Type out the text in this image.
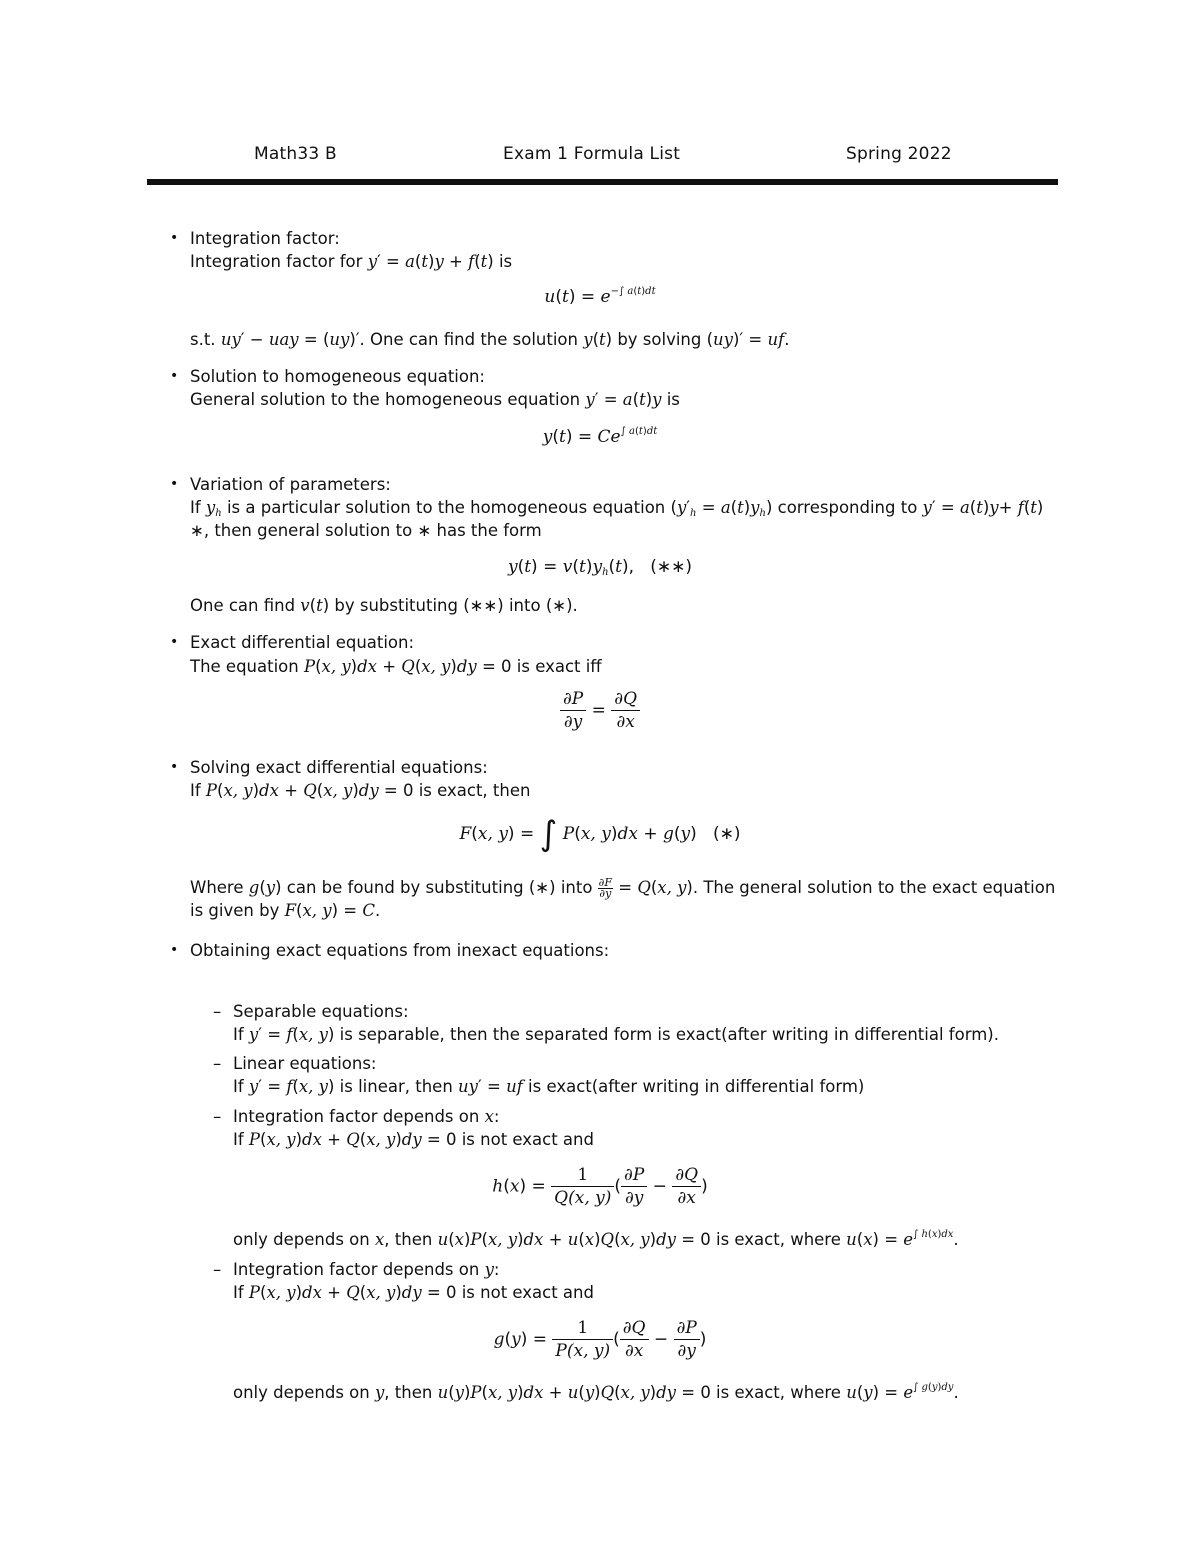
Math33 B	Exam 1 Formula List	Spring 2022
• Integration factor:
Integration factor for y′ = a(t)y + f(t) is
$u(t) = e^{-\int a(t)dt}$
s.t. uy′ − uay = (uy)′. One can find the solution y(t) by solving (uy)′ = uf.
• Solution to homogeneous equation:
General solution to the homogeneous equation y′ = a(t)y is
$y(t) = Ce^{\int a(t)dt}$
• Variation of parameters:
If $y_h$ is a particular solution to the homogeneous equation $(y'_h = a(t)y_h)$ corresponding to y′ = a(t)y+ f(t)   ∗, then general solution to ∗ has the form
$y(t) = v(t)y_h(t)$,   (∗∗)
One can find v(t) by substituting (∗∗) into (∗).
• Exact differential equation:
The equation P(x, y)dx + Q(x, y)dy = 0 is exact iff
$\frac{\partial P}{\partial y} = \frac{\partial Q}{\partial x}$
• Solving exact differential equations:
If P(x, y)dx + Q(x, y)dy = 0 is exact, then
F(x, y) = ∫ P(x, y)dx + g(y)   (∗)
Where g(y) can be found by substituting (∗) into $\frac{\partial F}{\partial y} = Q(x$, y). The general solution to the exact equation is given by F(x, y) = C.
• Obtaining exact equations from inexact equations:
– Separable equations:
If y′ = f(x, y) is separable, then the separated form is exact(after writing in differential form).
– Linear equations:
If y′ = f(x, y) is linear, then uy′ = uf is exact(after writing in differential form)
– Integration factor depends on x:
If P(x, y)dx + Q(x, y)dy = 0 is not exact and
$h(x) = \frac{1}{Q(x, y)}$ ( $\frac{\partial P}{\partial y} - \frac{\partial Q}{\partial x}$ )
only depends on x, then u(x)P(x, y)dx + u(x)Q(x, y)dy = 0 is exact, where $u(x) = e^{\int h(x)dx}$.
– Integration factor depends on y:
If P(x, y)dx + Q(x, y)dy = 0 is not exact and
$g(y) = \frac{1}{P(x, y)}$ ( $\frac{\partial Q}{\partial x} - \frac{\partial P}{\partial y}$ )
only depends on y, then u(y)P(x, y)dx + u(y)Q(x, y)dy = 0 is exact, where $u(y) = e^{\int g(y)dy}$.
